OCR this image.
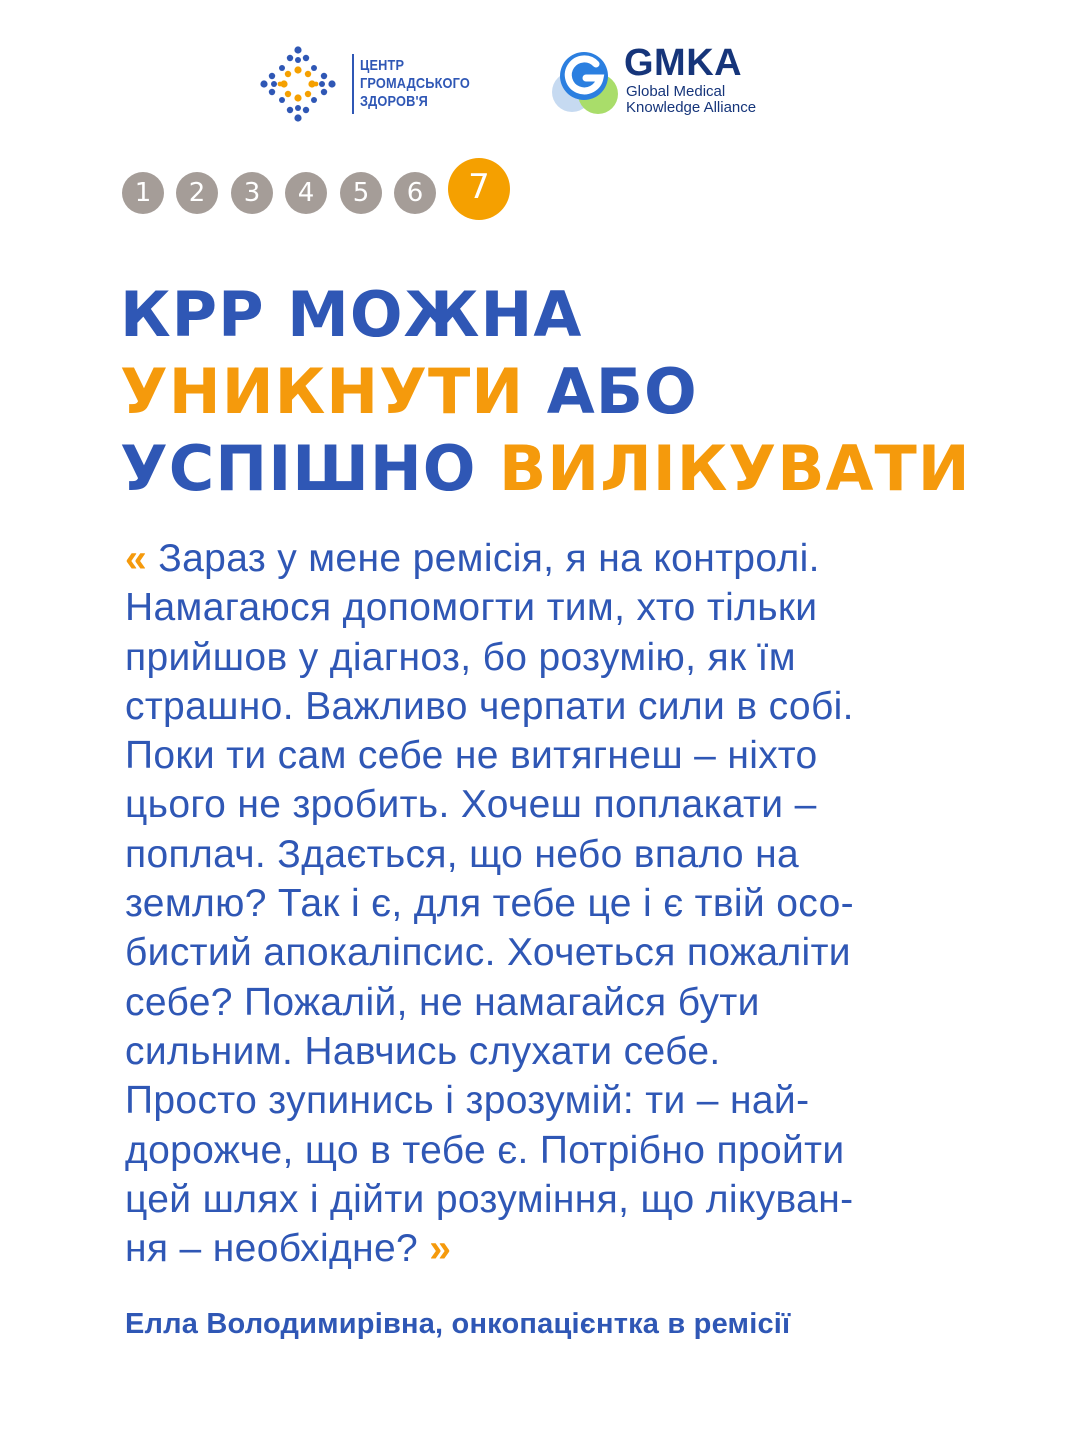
ЦЕНТР
ГРОМАДСЬКОГО
ЗДОРОВ'Я
GMKA
Global Medical
Knowledge Alliance
1	2	3	4	5	6	7
КРР МОЖНА
УНИКНУТИ АБО
УСПІШНО ВИЛІКУВАТИ

« Зараз у мене ремісія, я на контролі.
Намагаюся допомогти тим, хто тільки
прийшов у діагноз, бо розумію, як їм
страшно. Важливо черпати сили в собі.
Поки ти сам себе не витягнеш – ніхто
цього не зробить. Хочеш поплакати –
поплач. Здається, що небо впало на
землю? Так і є, для тебе це і є твій осо-
бистий апокаліпсис. Хочеться пожаліти
себе? Пожалій, не намагайся бути
сильним. Навчись слухати себе.
Просто зупинись і зрозумій: ти – най-
дорожче, що в тебе є. Потрібно пройти
цей шлях і дійти розуміння, що лікуван-
ня – необхідне? »

Елла Володимирівна, онкопацієнтка в ремісії
